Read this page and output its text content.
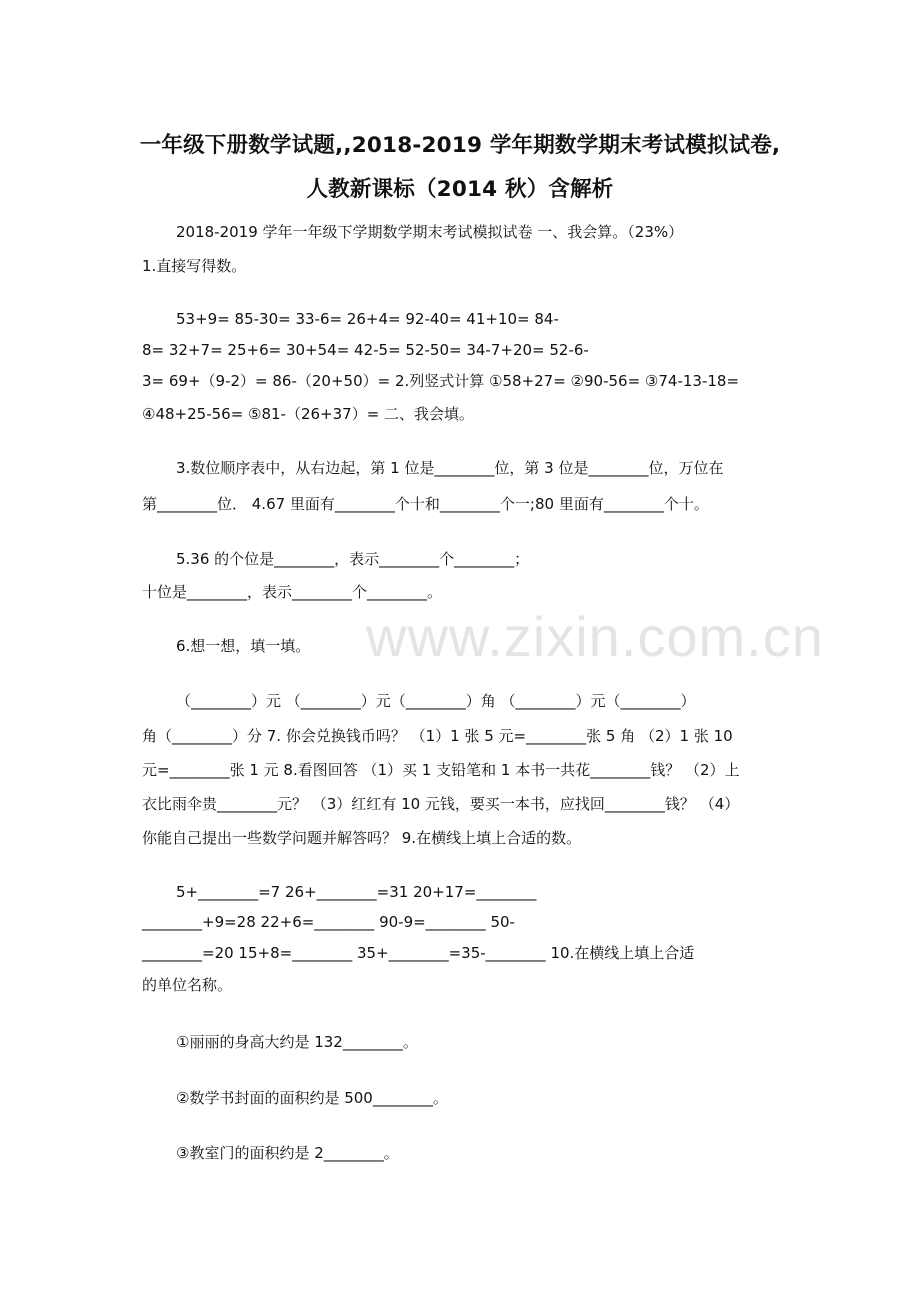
www.zixin.com.cn
一年级下册数学试题,,2018-2019 学年期数学期末考试模拟试卷,
人教新课标（2014 秋）含解析
2018-2019 学年一年级下学期数学期末考试模拟试卷 一、我会算。（23%）
1.直接写得数。
53+9= 85-30= 33-6= 26+4= 92-40= 41+10= 84-
8= 32+7= 25+6= 30+54= 42-5= 52-50= 34-7+20= 52-6-
3= 69+（9-2）= 86-（20+50）= 2.列竖式计算 ①58+27= ②90-56= ③74-13-18=
④48+25-56= ⑤81-（26+37）= 二、我会填。
3.数位顺序表中，从右边起，第 1 位是________位，第 3 位是________位，万位在
第________位． 4.67 里面有________个十和________个一;80 里面有________个十。
5.36 的个位是________，表示________个________；
十位是________，表示________个________。
6.想一想，填一填。
（________）元 （________）元（________）角 （________）元（________）
角（________）分 7. 你会兑换钱币吗？ （1）1 张 5 元=________张 5 角 （2）1 张 10
元=________张 1 元 8.看图回答 （1）买 1 支铅笔和 1 本书一共花________钱？ （2）上
衣比雨伞贵________元？ （3）红红有 10 元钱，要买一本书，应找回________钱？ （4）
你能自己提出一些数学问题并解答吗？ 9.在横线上填上合适的数。
5+________=7 26+________=31 20+17=________
________+9=28 22+6=________ 90-9=________ 50-
________=20 15+8=________ 35+________=35-________ 10.在横线上填上合适
的单位名称。
①丽丽的身高大约是 132________。
②数学书封面的面积约是 500________。
③教室门的面积约是 2________。
